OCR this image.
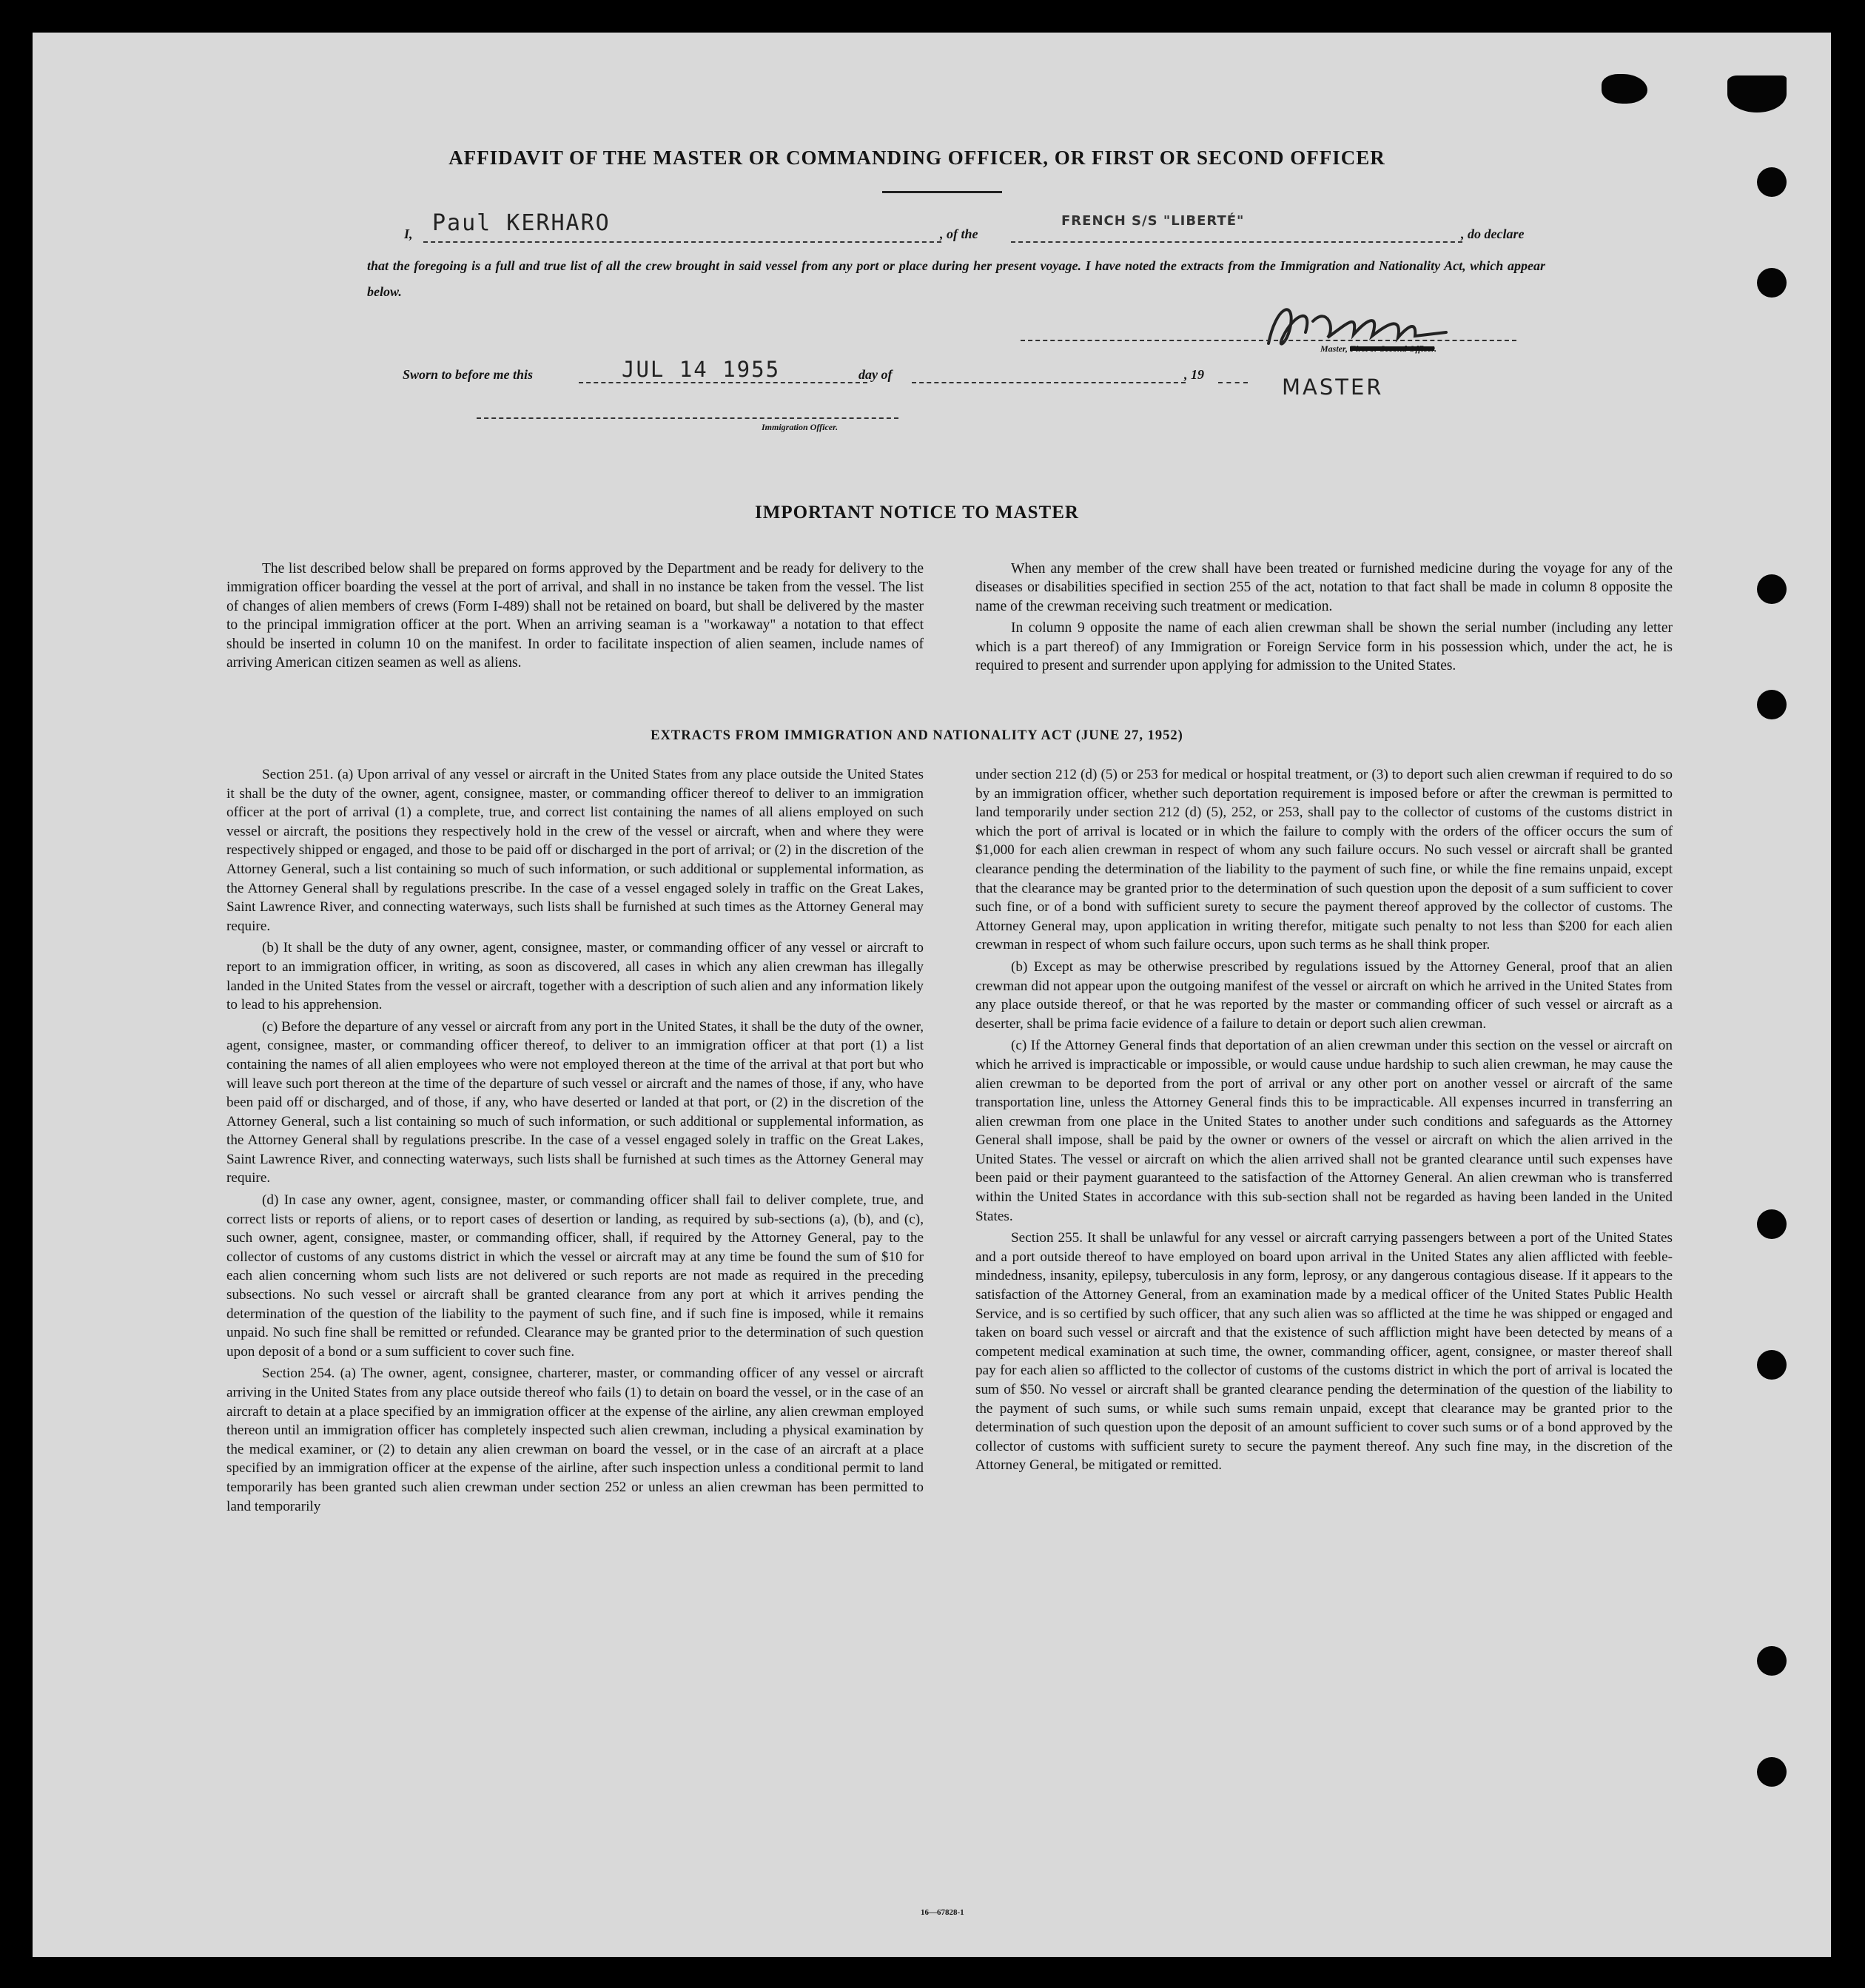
AFFIDAVIT OF THE MASTER OR COMMANDING OFFICER, OR FIRST OR SECOND OFFICER
I, Paul KERHARO	, of the
FRENCH S/S "LIBERTÉ"
, do declare
that the foregoing is a full and true list of all the crew brought in said vessel from any port or place during her present voyage. I have noted the extracts from the Immigration and Nationality Act, which appear below.
Master, First or Second Officer.
Sworn to before me this	JUL 14 1955	day of	, 19	MASTER
Immigration Officer.
IMPORTANT NOTICE TO MASTER

The list described below shall be prepared on forms approved by the Department and be ready for delivery to the immigration officer boarding the vessel at the port of arrival, and shall in no instance be taken from the vessel. The list of changes of alien members of crews (Form I-489) shall not be retained on board, but shall be delivered by the master to the principal immigration officer at the port. When an arriving seaman is a "workaway" a notation to that effect should be inserted in column 10 on the manifest. In order to facilitate inspection of alien seamen, include names of arriving American citizen seamen as well as aliens.

When any member of the crew shall have been treated or furnished medicine during the voyage for any of the diseases or disabilities specified in section 255 of the act, notation to that fact shall be made in column 8 opposite the name of the crewman receiving such treatment or medication.

In column 9 opposite the name of each alien crewman shall be shown the serial number (including any letter which is a part thereof) of any Immigration or Foreign Service form in his possession which, under the act, he is required to present and surrender upon applying for admission to the United States.

EXTRACTS FROM IMMIGRATION AND NATIONALITY ACT (JUNE 27, 1952)

Section 251. (a) Upon arrival of any vessel or aircraft in the United States from any place outside the United States it shall be the duty of the owner, agent, consignee, master, or commanding officer thereof to deliver to an immigration officer at the port of arrival (1) a complete, true, and correct list containing the names of all aliens employed on such vessel or aircraft, the positions they respectively hold in the crew of the vessel or aircraft, when and where they were respectively shipped or engaged, and those to be paid off or discharged in the port of arrival; or (2) in the discretion of the Attorney General, such a list containing so much of such information, or such additional or supplemental information, as the Attorney General shall by regulations prescribe. In the case of a vessel engaged solely in traffic on the Great Lakes, Saint Lawrence River, and connecting waterways, such lists shall be furnished at such times as the Attorney General may require.

(b) It shall be the duty of any owner, agent, consignee, master, or commanding officer of any vessel or aircraft to report to an immigration officer, in writing, as soon as discovered, all cases in which any alien crewman has illegally landed in the United States from the vessel or aircraft, together with a description of such alien and any information likely to lead to his apprehension.

(c) Before the departure of any vessel or aircraft from any port in the United States, it shall be the duty of the owner, agent, consignee, master, or commanding officer thereof, to deliver to an immigration officer at that port (1) a list containing the names of all alien employees who were not employed thereon at the time of the arrival at that port but who will leave such port thereon at the time of the departure of such vessel or aircraft and the names of those, if any, who have been paid off or discharged, and of those, if any, who have deserted or landed at that port, or (2) in the discretion of the Attorney General, such a list containing so much of such information, or such additional or supplemental information, as the Attorney General shall by regulations prescribe. In the case of a vessel engaged solely in traffic on the Great Lakes, Saint Lawrence River, and connecting waterways, such lists shall be furnished at such times as the Attorney General may require.

(d) In case any owner, agent, consignee, master, or commanding officer shall fail to deliver complete, true, and correct lists or reports of aliens, or to report cases of desertion or landing, as required by sub-sections (a), (b), and (c), such owner, agent, consignee, master, or commanding officer, shall, if required by the Attorney General, pay to the collector of customs of any customs district in which the vessel or aircraft may at any time be found the sum of $10 for each alien concerning whom such lists are not delivered or such reports are not made as required in the preceding subsections. No such vessel or aircraft shall be granted clearance from any port at which it arrives pending the determination of the question of the liability to the payment of such fine, and if such fine is imposed, while it remains unpaid. No such fine shall be remitted or refunded. Clearance may be granted prior to the determination of such question upon deposit of a bond or a sum sufficient to cover such fine.

Section 254. (a) The owner, agent, consignee, charterer, master, or commanding officer of any vessel or aircraft arriving in the United States from any place outside thereof who fails (1) to detain on board the vessel, or in the case of an aircraft to detain at a place specified by an immigration officer at the expense of the airline, any alien crewman employed thereon until an immigration officer has completely inspected such alien crewman, including a physical examination by the medical examiner, or (2) to detain any alien crewman on board the vessel, or in the case of an aircraft at a place specified by an immigration officer at the expense of the airline, after such inspection unless a conditional permit to land temporarily has been granted such alien crewman under section 252 or unless an alien crewman has been permitted to land temporarily

under section 212 (d) (5) or 253 for medical or hospital treatment, or (3) to deport such alien crewman if required to do so by an immigration officer, whether such deportation requirement is imposed before or after the crewman is permitted to land temporarily under section 212 (d) (5), 252, or 253, shall pay to the collector of customs of the customs district in which the port of arrival is located or in which the failure to comply with the orders of the officer occurs the sum of $1,000 for each alien crewman in respect of whom any such failure occurs. No such vessel or aircraft shall be granted clearance pending the determination of the liability to the payment of such fine, or while the fine remains unpaid, except that the clearance may be granted prior to the determination of such question upon the deposit of a sum sufficient to cover such fine, or of a bond with sufficient surety to secure the payment thereof approved by the collector of customs. The Attorney General may, upon application in writing therefor, mitigate such penalty to not less than $200 for each alien crewman in respect of whom such failure occurs, upon such terms as he shall think proper.

(b) Except as may be otherwise prescribed by regulations issued by the Attorney General, proof that an alien crewman did not appear upon the outgoing manifest of the vessel or aircraft on which he arrived in the United States from any place outside thereof, or that he was reported by the master or commanding officer of such vessel or aircraft as a deserter, shall be prima facie evidence of a failure to detain or deport such alien crewman.

(c) If the Attorney General finds that deportation of an alien crewman under this section on the vessel or aircraft on which he arrived is impracticable or impossible, or would cause undue hardship to such alien crewman, he may cause the alien crewman to be deported from the port of arrival or any other port on another vessel or aircraft of the same transportation line, unless the Attorney General finds this to be impracticable. All expenses incurred in transferring an alien crewman from one place in the United States to another under such conditions and safeguards as the Attorney General shall impose, shall be paid by the owner or owners of the vessel or aircraft on which the alien arrived in the United States. The vessel or aircraft on which the alien arrived shall not be granted clearance until such expenses have been paid or their payment guaranteed to the satisfaction of the Attorney General. An alien crewman who is transferred within the United States in accordance with this sub-section shall not be regarded as having been landed in the United States.

Section 255. It shall be unlawful for any vessel or aircraft carrying passengers between a port of the United States and a port outside thereof to have employed on board upon arrival in the United States any alien afflicted with feeble-mindedness, insanity, epilepsy, tuberculosis in any form, leprosy, or any dangerous contagious disease. If it appears to the satisfaction of the Attorney General, from an examination made by a medical officer of the United States Public Health Service, and is so certified by such officer, that any such alien was so afflicted at the time he was shipped or engaged and taken on board such vessel or aircraft and that the existence of such affliction might have been detected by means of a competent medical examination at such time, the owner, commanding officer, agent, consignee, or master thereof shall pay for each alien so afflicted to the collector of customs of the customs district in which the port of arrival is located the sum of $50. No vessel or aircraft shall be granted clearance pending the determination of the question of the liability to the payment of such sums, or while such sums remain unpaid, except that clearance may be granted prior to the determination of such question upon the deposit of an amount sufficient to cover such sums or of a bond approved by the collector of customs with sufficient surety to secure the payment thereof. Any such fine may, in the discretion of the Attorney General, be mitigated or remitted.

16—67828-1
